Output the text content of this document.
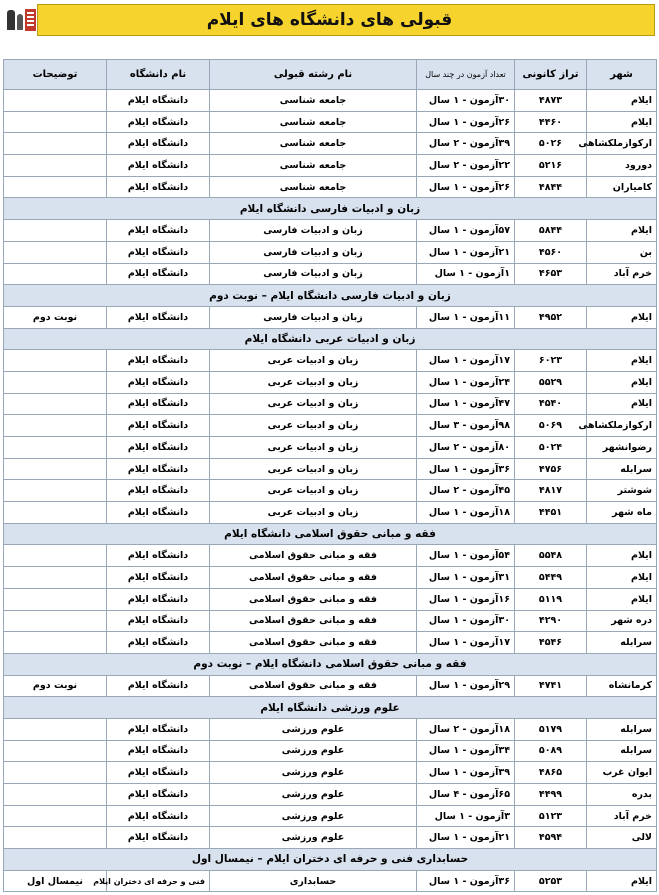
قبولی های دانشگاه های ایلام
شهر	تراز کانونی	تعداد آزمون در چند سال	نام رشته قبولی	نام دانشگاه	توضیحات
ایلام	۴۸۷۳	۳۰آزمون - ۱ سال	جامعه شناسی	دانشگاه ایلام	
ایلام	۴۴۶۰	۲۶آزمون - ۱ سال	جامعه شناسی	دانشگاه ایلام	
ارکوازملکشاهی	۵۰۲۶	۳۹آزمون - ۲ سال	جامعه شناسی	دانشگاه ایلام	
دورود	۵۲۱۶	۲۲آزمون - ۲ سال	جامعه شناسی	دانشگاه ایلام	
کامیاران	۴۸۴۴	۲۶آزمون - ۱ سال	جامعه شناسی	دانشگاه ایلام	
زبان و ادبیات فارسی دانشگاه ایلام					
ایلام	۵۸۴۴	۵۷آزمون - ۱ سال	زبان و ادبیات فارسی	دانشگاه ایلام	
بن	۴۵۶۰	۲۱آزمون - ۱ سال	زبان و ادبیات فارسی	دانشگاه ایلام	
خرم آباد	۴۶۵۳	۱آزمون - ۱ سال	زبان و ادبیات فارسی	دانشگاه ایلام	
زبان و ادبیات فارسی دانشگاه ایلام – نوبت دوم					
ایلام	۴۹۵۲	۱۱آزمون - ۱ سال	زبان و ادبیات فارسی	دانشگاه ایلام	نوبت دوم
زبان و ادبیات عربی دانشگاه ایلام					
ایلام	۶۰۲۳	۱۷آزمون - ۱ سال	زبان و ادبیات عربی	دانشگاه ایلام	
ایلام	۵۵۲۹	۲۴آزمون - ۱ سال	زبان و ادبیات عربی	دانشگاه ایلام	
ایلام	۴۵۴۰	۴۷آزمون - ۱ سال	زبان و ادبیات عربی	دانشگاه ایلام	
ارکوازملکشاهی	۵۰۶۹	۹۸آزمون - ۳ سال	زبان و ادبیات عربی	دانشگاه ایلام	
رضوانشهر	۵۰۲۴	۸۰آزمون - ۲ سال	زبان و ادبیات عربی	دانشگاه ایلام	
سرابله	۴۷۵۶	۳۶آزمون - ۱ سال	زبان و ادبیات عربی	دانشگاه ایلام	
شوشتر	۴۸۱۷	۴۵آزمون - ۲ سال	زبان و ادبیات عربی	دانشگاه ایلام	
ماه شهر	۴۴۵۱	۱۸آزمون - ۱ سال	زبان و ادبیات عربی	دانشگاه ایلام	
فقه و مبانی حقوق اسلامی دانشگاه ایلام					
ایلام	۵۵۴۸	۵۴آزمون - ۱ سال	فقه و مبانی حقوق اسلامی	دانشگاه ایلام	
ایلام	۵۴۴۹	۳۱آزمون - ۱ سال	فقه و مبانی حقوق اسلامی	دانشگاه ایلام	
ایلام	۵۱۱۹	۱۶آزمون - ۱ سال	فقه و مبانی حقوق اسلامی	دانشگاه ایلام	
دره شهر	۴۲۹۰	۳۰آزمون - ۱ سال	فقه و مبانی حقوق اسلامی	دانشگاه ایلام	
سرابله	۴۵۴۶	۱۷آزمون - ۱ سال	فقه و مبانی حقوق اسلامی	دانشگاه ایلام	
فقه و مبانی حقوق اسلامی دانشگاه ایلام – نوبت دوم					
کرمانشاه	۴۷۴۱	۲۹آزمون - ۱ سال	فقه و مبانی حقوق اسلامی	دانشگاه ایلام	نوبت دوم
علوم ورزشی دانشگاه ایلام					
سرابله	۵۱۷۹	۱۸آزمون - ۲ سال	علوم ورزشی	دانشگاه ایلام	
سرابله	۵۰۸۹	۳۴آزمون - ۱ سال	علوم ورزشی	دانشگاه ایلام	
ایوان غرب	۴۸۶۵	۳۹آزمون - ۱ سال	علوم ورزشی	دانشگاه ایلام	
بدره	۴۴۹۹	۶۵آزمون - ۴ سال	علوم ورزشی	دانشگاه ایلام	
خرم آباد	۵۱۲۳	۳آزمون - ۱ سال	علوم ورزشی	دانشگاه ایلام	
لالی	۴۵۹۴	۲۱آزمون - ۱ سال	علوم ورزشی	دانشگاه ایلام	
حسابداری فنی و حرفه ای دختران ایلام – نیمسال اول					
ایلام	۵۲۵۳	۳۶آزمون - ۱ سال	حسابداری	فنی و حرفه ای دختران ایلام	نیمسال اول
